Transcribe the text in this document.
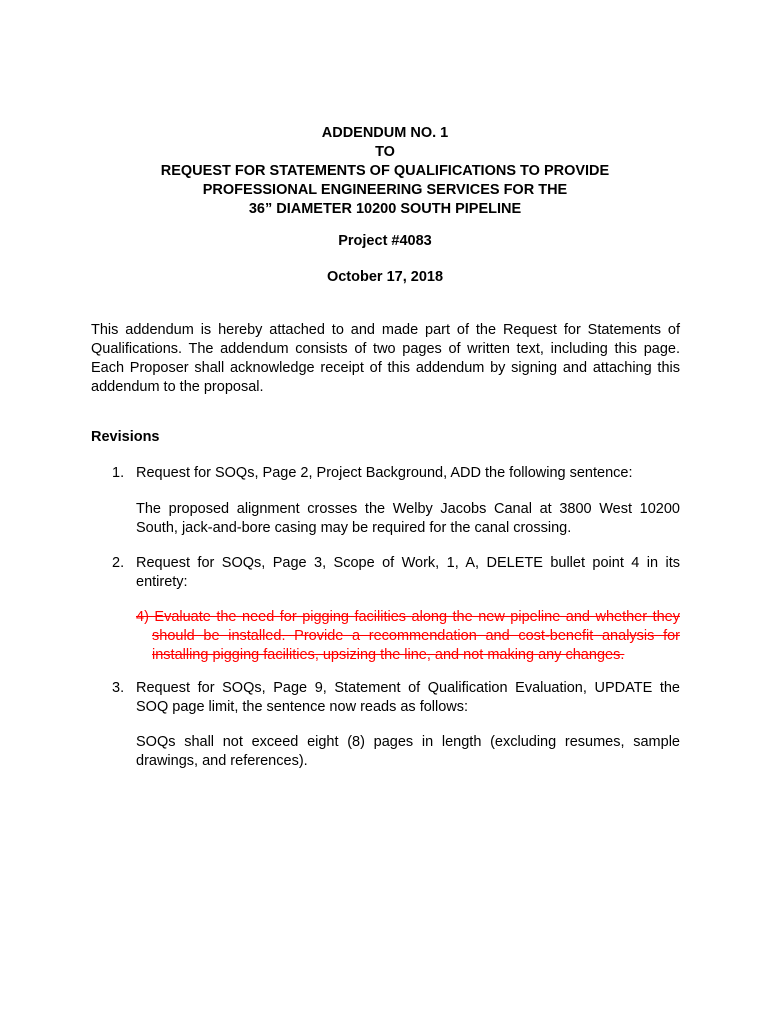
ADDENDUM NO. 1
TO
REQUEST FOR STATEMENTS OF QUALIFICATIONS TO PROVIDE
PROFESSIONAL ENGINEERING SERVICES FOR THE
36” DIAMETER 10200 SOUTH PIPELINE
Project #4083
October 17, 2018
This addendum is hereby attached to and made part of the Request for Statements of Qualifications. The addendum consists of two pages of written text, including this page. Each Proposer shall acknowledge receipt of this addendum by signing and attaching this addendum to the proposal.
Revisions
1. Request for SOQs, Page 2, Project Background, ADD the following sentence:
The proposed alignment crosses the Welby Jacobs Canal at 3800 West 10200 South, jack-and-bore casing may be required for the canal crossing.
2. Request for SOQs, Page 3, Scope of Work, 1, A, DELETE bullet point 4 in its entirety:
4) Evaluate the need for pigging facilities along the new pipeline and whether they should be installed. Provide a recommendation and cost-benefit analysis for installing pigging facilities, upsizing the line, and not making any changes.
3. Request for SOQs, Page 9, Statement of Qualification Evaluation, UPDATE the SOQ page limit, the sentence now reads as follows:
SOQs shall not exceed eight (8) pages in length (excluding resumes, sample drawings, and references).
